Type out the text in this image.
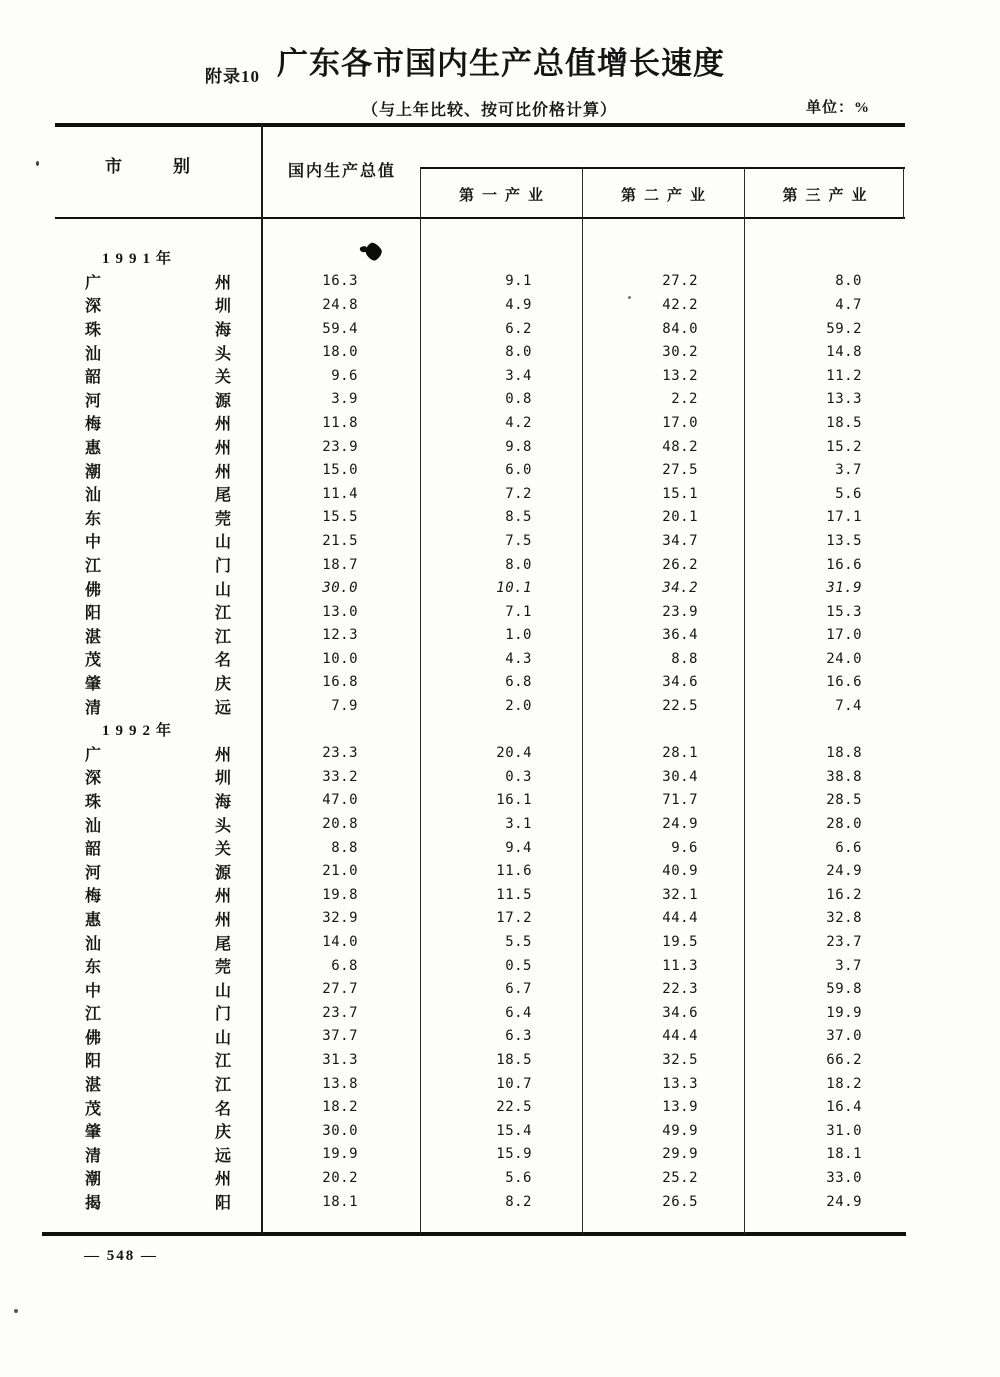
附录10 广东各市国内生产总值增长速度
（与上年比较、按可比价格计算）	单位：%
市	别	国内生产总值
第一产业	第二产业	第三产业
1991年
广	州	16.3	9.1	27.2	8.0
深	圳	24.8	4.9	42.2	4.7
珠	海	59.4	6.2	84.0	59.2
汕	头	18.0	8.0	30.2	14.8
韶	关	9.6	3.4	13.2	11.2
河	源	3.9	0.8	2.2	13.3
梅	州	11.8	4.2	17.0	18.5
惠	州	23.9	9.8	48.2	15.2
潮	州	15.0	6.0	27.5	3.7
汕	尾	11.4	7.2	15.1	5.6
东	莞	15.5	8.5	20.1	17.1
中	山	21.5	7.5	34.7	13.5
江	门	18.7	8.0	26.2	16.6
佛	山	30.0	10.1	34.2	31.9
阳	江	13.0	7.1	23.9	15.3
湛	江	12.3	1.0	36.4	17.0
茂	名	10.0	4.3	8.8	24.0
肇	庆	16.8	6.8	34.6	16.6
清	远	7.9	2.0	22.5	7.4
1992年
广	州	23.3	20.4	28.1	18.8
深	圳	33.2	0.3	30.4	38.8
珠	海	47.0	16.1	71.7	28.5
汕	头	20.8	3.1	24.9	28.0
韶	关	8.8	9.4	9.6	6.6
河	源	21.0	11.6	40.9	24.9
梅	州	19.8	11.5	32.1	16.2
惠	州	32.9	17.2	44.4	32.8
汕	尾	14.0	5.5	19.5	23.7
东	莞	6.8	0.5	11.3	3.7
中	山	27.7	6.7	22.3	59.8
江	门	23.7	6.4	34.6	19.9
佛	山	37.7	6.3	44.4	37.0
阳	江	31.3	18.5	32.5	66.2
湛	江	13.8	10.7	13.3	18.2
茂	名	18.2	22.5	13.9	16.4
肇	庆	30.0	15.4	49.9	31.0
清	远	19.9	15.9	29.9	18.1
潮	州	20.2	5.6	25.2	33.0
揭	阳	18.1	8.2	26.5	24.9
— 548 —
